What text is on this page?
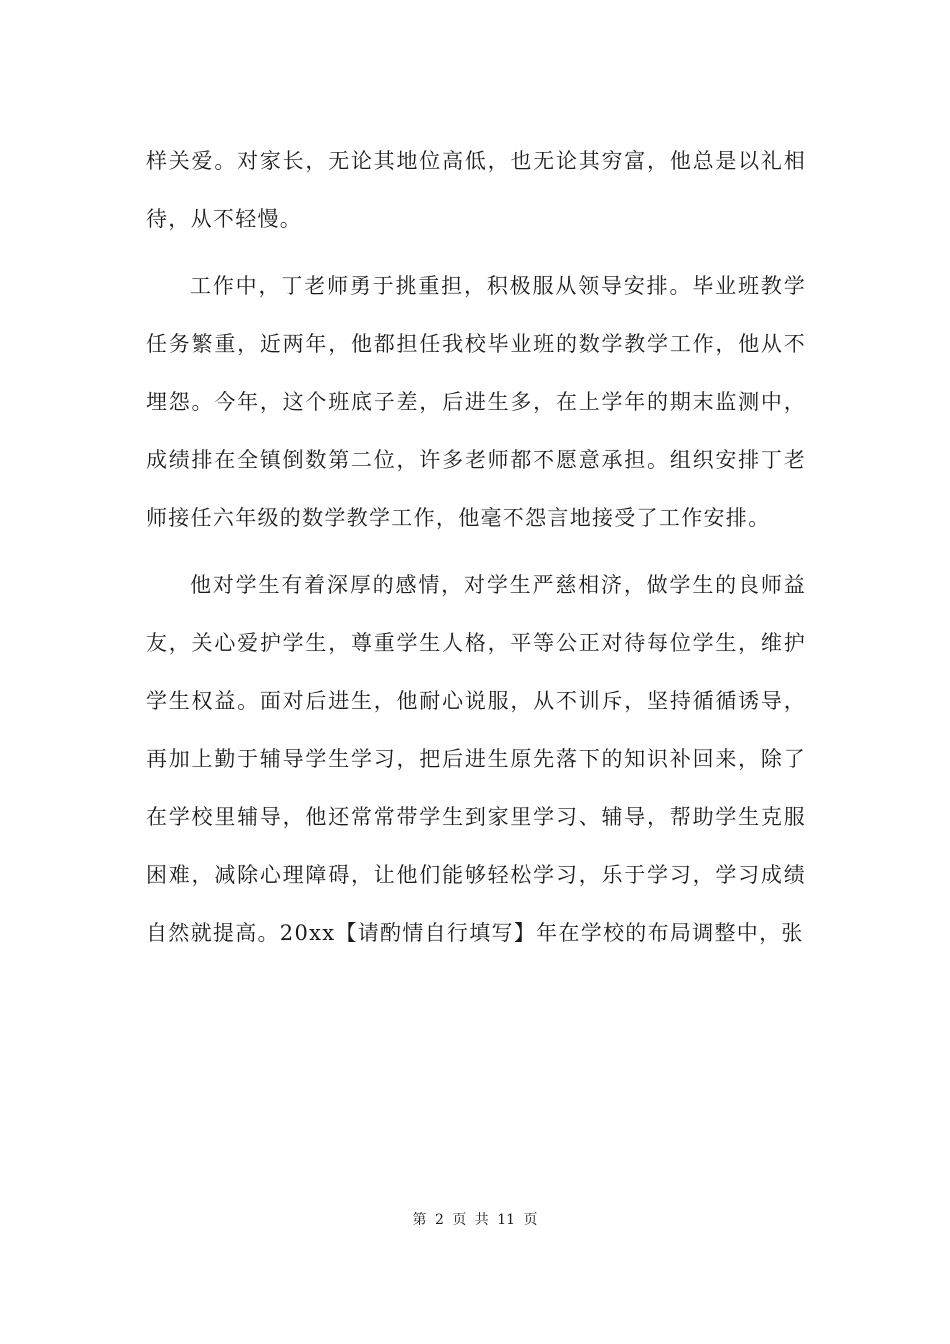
样关爱。对家长，无论其地位高低，也无论其穷富，他总是以礼相待，从不轻慢。

工作中，丁老师勇于挑重担，积极服从领导安排。毕业班教学任务繁重，近两年，他都担任我校毕业班的数学教学工作，他从不埋怨。今年，这个班底子差，后进生多，在上学年的期末监测中，成绩排在全镇倒数第二位，许多老师都不愿意承担。组织安排丁老师接任六年级的数学教学工作，他毫不怨言地接受了工作安排。

他对学生有着深厚的感情，对学生严慈相济，做学生的良师益友，关心爱护学生，尊重学生人格，平等公正对待每位学生，维护学生权益。面对后进生，他耐心说服，从不训斥，坚持循循诱导，再加上勤于辅导学生学习，把后进生原先落下的知识补回来，除了在学校里辅导，他还常常带学生到家里学习、辅导，帮助学生克服困难，减除心理障碍，让他们能够轻松学习，乐于学习，学习成绩自然就提高。20xx【请酌情自行填写】年在学校的布局调整中，张

第 2 页 共 11 页
